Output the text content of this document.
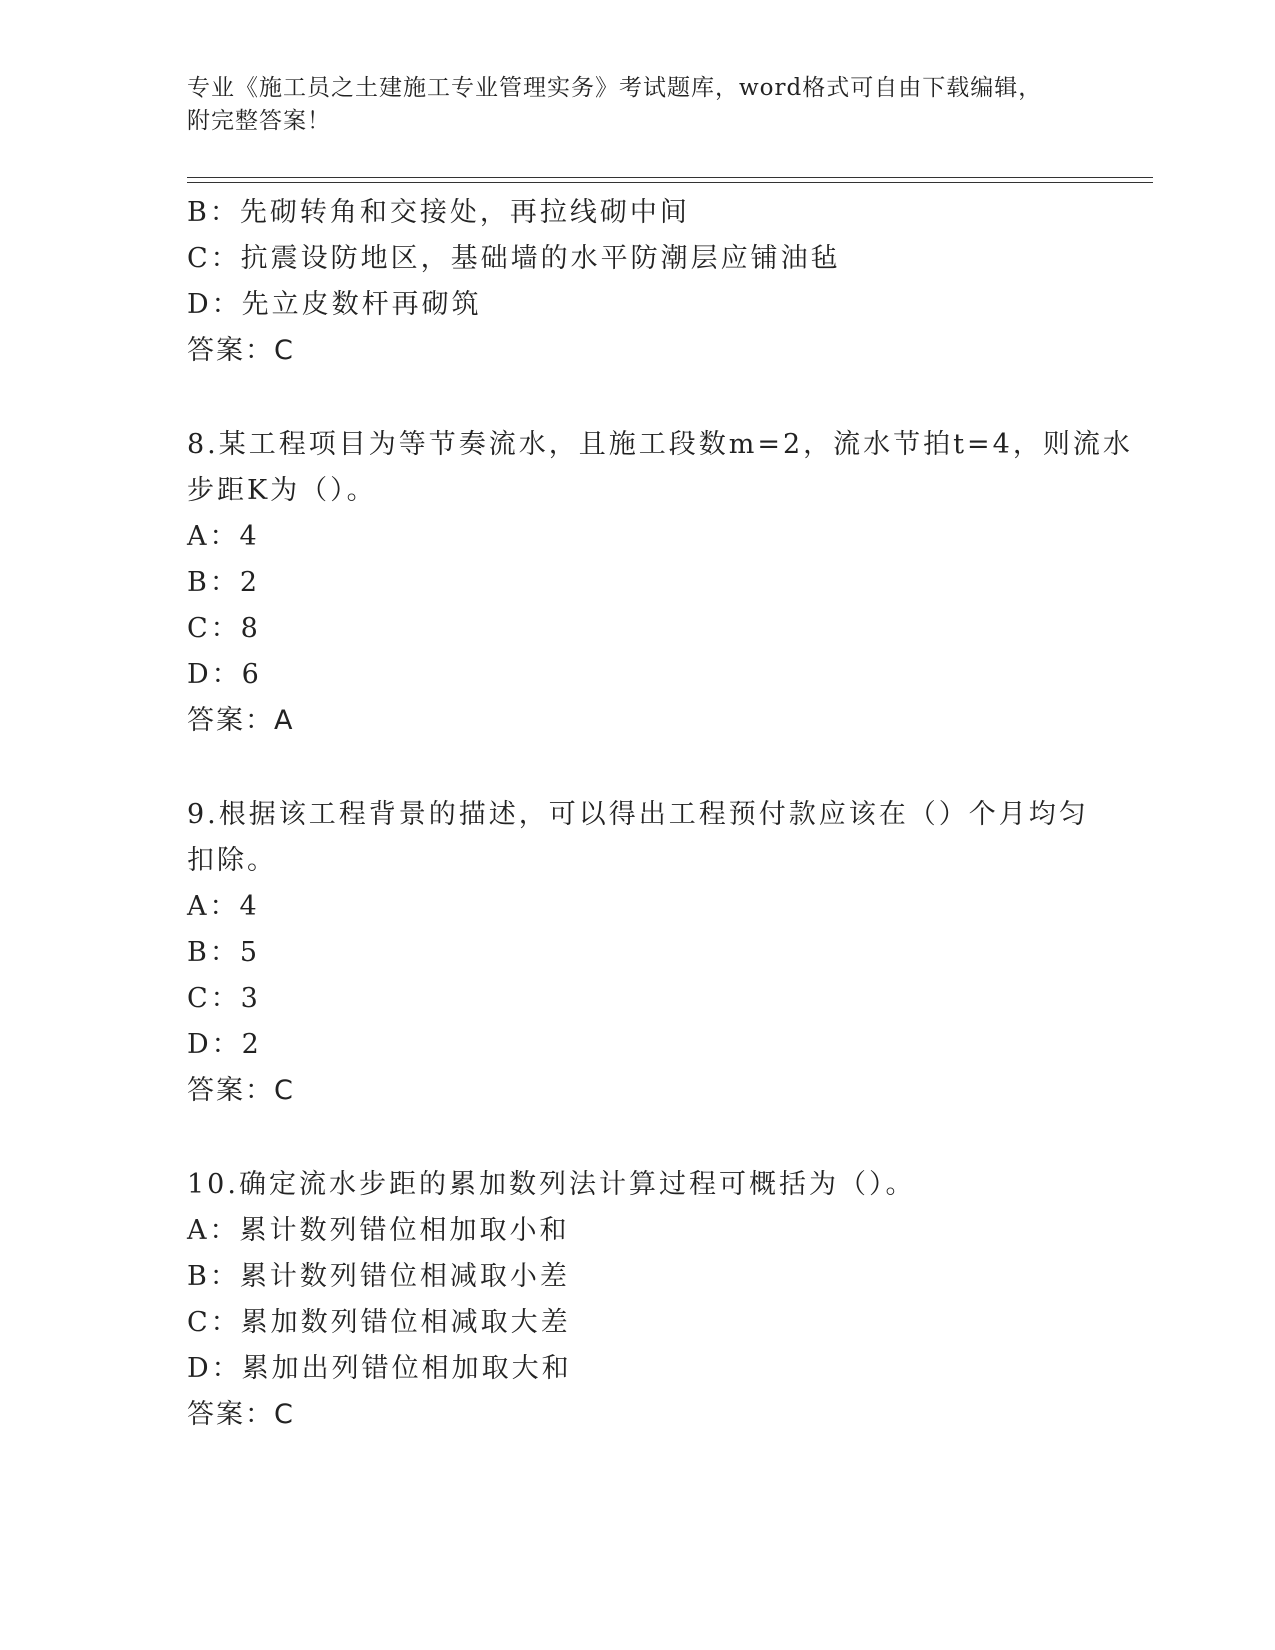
专业《施工员之土建施工专业管理实务》考试题库，word格式可自由下载编辑，
附完整答案！
B：先砌转角和交接处，再拉线砌中间
C：抗震设防地区，基础墙的水平防潮层应铺油毡
D：先立皮数杆再砌筑
答案：C
8.某工程项目为等节奏流水，且施工段数m=2，流水节拍t=4，则流水
步距K为（）。
A：4
B：2
C：8
D：6
答案：A
9.根据该工程背景的描述，可以得出工程预付款应该在（）个月均匀
扣除。
A：4
B：5
C：3
D：2
答案：C
10.确定流水步距的累加数列法计算过程可概括为（）。
A：累计数列错位相加取小和
B：累计数列错位相减取小差
C：累加数列错位相减取大差
D：累加出列错位相加取大和
答案：C
